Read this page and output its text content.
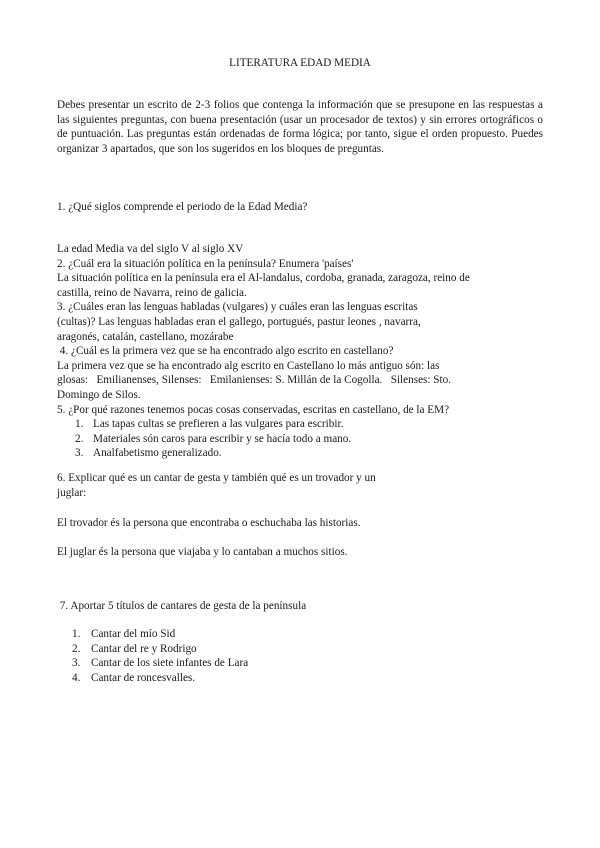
LITERATURA EDAD MEDIA

Debes presentar un escrito de 2-3 folios que contenga la información que se presupone en las respuestas a las siguientes preguntas, con buena presentación (usar un procesador de textos) y sin errores ortográficos o de puntuación. Las preguntas están ordenadas de forma lógica; por tanto, sigue el orden propuesto. Puedes organizar 3 apartados, que son los sugeridos en los bloques de preguntas.

1. ¿Qué siglos comprende el periodo de la Edad Media?

La edad Media va del siglo V al siglo XV

2. ¿Cuál era la situación política en la península? Enumera 'países'

La situación política en la península era el Al-landalus, cordoba, granada, zaragoza, reino de

castilla, reino de Navarra, reino de galicia.

3. ¿Cuáles eran las lenguas habladas (vulgares) y cuáles eran las lenguas escritas

(cultas)? Las lenguas habladas eran el gallego, portugués, pastur leones , navarra,

aragonés, catalán, castellano, mozárabe

4. ¿Cuál es la primera vez que se ha encontrado algo escrito en castellano?

La primera vez que se ha encontrado alg escrito en Castellano lo más antiguo són: las

glosas:   Emilianenses, Silenses:   Emilanienses: S. Millán de la Cogolla.   Silenses: Sto.

Domingo de Silos.

5. ¿Por qué razones tenemos pocas cosas conservadas, escritas en castellano, de la EM?

1. Las tapas cultas se prefieren a las vulgares para escribir.
2. Materiales són caros para escribir y se hacía todo a mano.
3. Analfabetismo generalizado.
6. Explicar qué es un cantar de gesta y también qué es un trovador y un
juglar:

El trovador és la persona que encontraba o eschuchaba las historias.

El juglar és la persona que viajaba y lo cantaban a muchos sitios.

7. Aportar 5 títulos de cantares de gesta de la península

1. Cantar del mío Sid
2. Cantar del re y Rodrigo
3. Cantar de los siete infantes de Lara
4. Cantar de roncesvalles.
